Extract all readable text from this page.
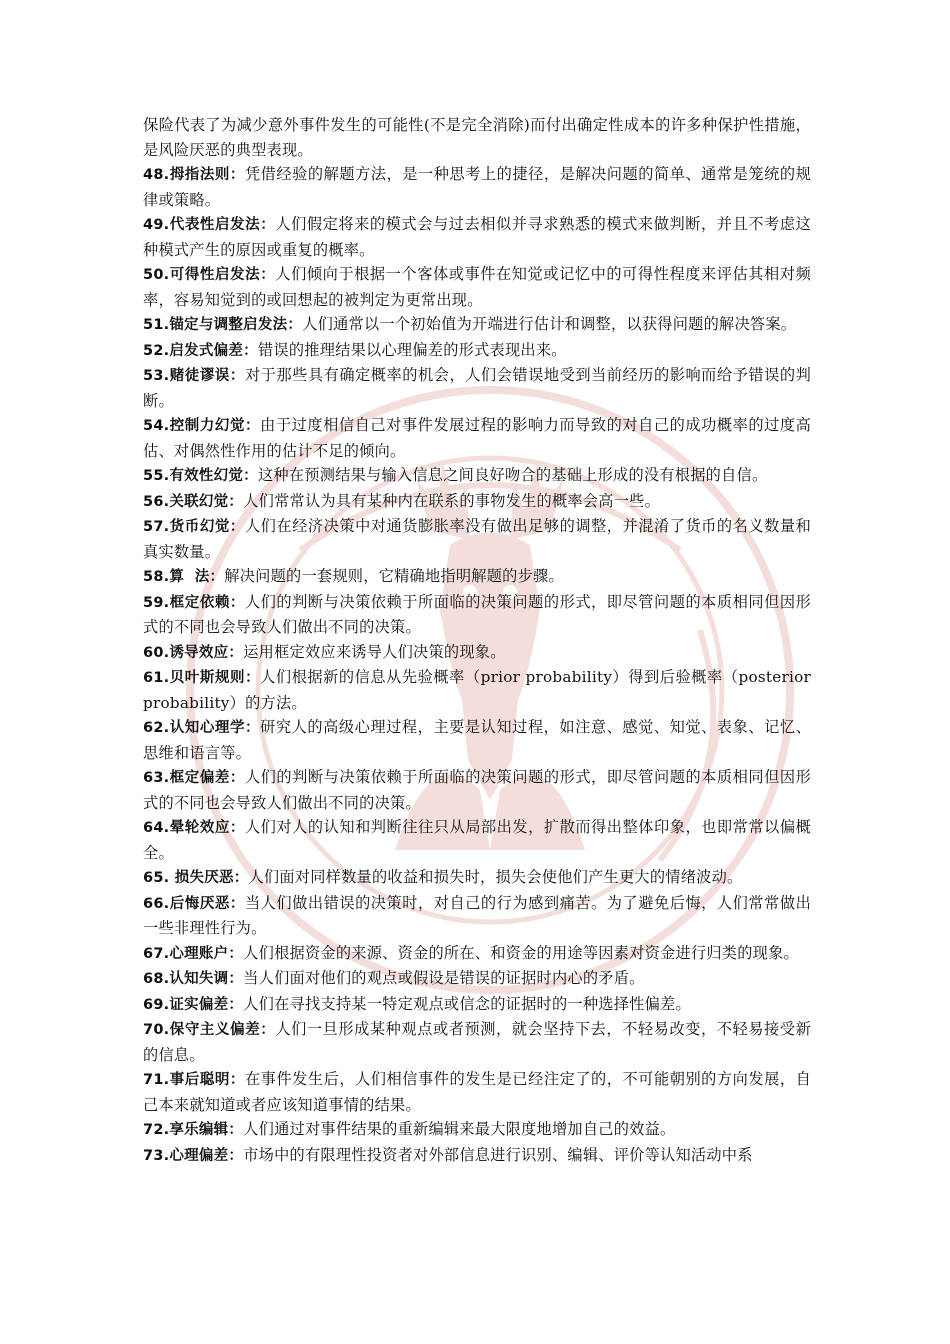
保险代表了为减少意外事件发生的可能性(不是完全消除)而付出确定性成本的许多种保护性措施，是风险厌恶的典型表现。

48.拇指法则：凭借经验的解题方法，是一种思考上的捷径，是解决问题的简单、通常是笼统的规律或策略。

49.代表性启发法：人们假定将来的模式会与过去相似并寻求熟悉的模式来做判断，并且不考虑这种模式产生的原因或重复的概率。

50.可得性启发法：人们倾向于根据一个客体或事件在知觉或记忆中的可得性程度来评估其相对频率，容易知觉到的或回想起的被判定为更常出现。

51.锚定与调整启发法：人们通常以一个初始值为开端进行估计和调整，以获得问题的解决答案。

52.启发式偏差：错误的推理结果以心理偏差的形式表现出来。

53.赌徒谬误：对于那些具有确定概率的机会，人们会错误地受到当前经历的影响而给予错误的判断。

54.控制力幻觉：由于过度相信自己对事件发展过程的影响力而导致的对自己的成功概率的过度高估、对偶然性作用的估计不足的倾向。

55.有效性幻觉：这种在预测结果与输入信息之间良好吻合的基础上形成的没有根据的自信。

56.关联幻觉：人们常常认为具有某种内在联系的事物发生的概率会高一些。

57.货币幻觉：人们在经济决策中对通货膨胀率没有做出足够的调整，并混淆了货币的名义数量和真实数量。

58.算  法：解决问题的一套规则，它精确地指明解题的步骤。

59.框定依赖：人们的判断与决策依赖于所面临的决策问题的形式，即尽管问题的本质相同但因形式的不同也会导致人们做出不同的决策。

60.诱导效应：运用框定效应来诱导人们决策的现象。

61.贝叶斯规则：人们根据新的信息从先验概率（prior probability）得到后验概率（posterior probability）的方法。

62.认知心理学：研究人的高级心理过程，主要是认知过程，如注意、感觉、知觉、表象、记忆、思维和语言等。

63.框定偏差：人们的判断与决策依赖于所面临的决策问题的形式，即尽管问题的本质相同但因形式的不同也会导致人们做出不同的决策。

64.晕轮效应：人们对人的认知和判断往往只从局部出发，扩散而得出整体印象，也即常常以偏概全。

65. 损失厌恶：人们面对同样数量的收益和损失时，损失会使他们产生更大的情绪波动。

66.后悔厌恶：当人们做出错误的决策时，对自己的行为感到痛苦。为了避免后悔，人们常常做出一些非理性行为。

67.心理账户：人们根据资金的来源、资金的所在、和资金的用途等因素对资金进行归类的现象。

68.认知失调：当人们面对他们的观点或假设是错误的证据时内心的矛盾。

69.证实偏差：人们在寻找支持某一特定观点或信念的证据时的一种选择性偏差。

70.保守主义偏差：人们一旦形成某种观点或者预测，就会坚持下去，不轻易改变，不轻易接受新的信息。

71.事后聪明：在事件发生后，人们相信事件的发生是已经注定了的，不可能朝别的方向发展，自己本来就知道或者应该知道事情的结果。

72.享乐编辑：人们通过对事件结果的重新编辑来最大限度地增加自己的效益。

73.心理偏差：市场中的有限理性投资者对外部信息进行识别、编辑、评价等认知活动中系
